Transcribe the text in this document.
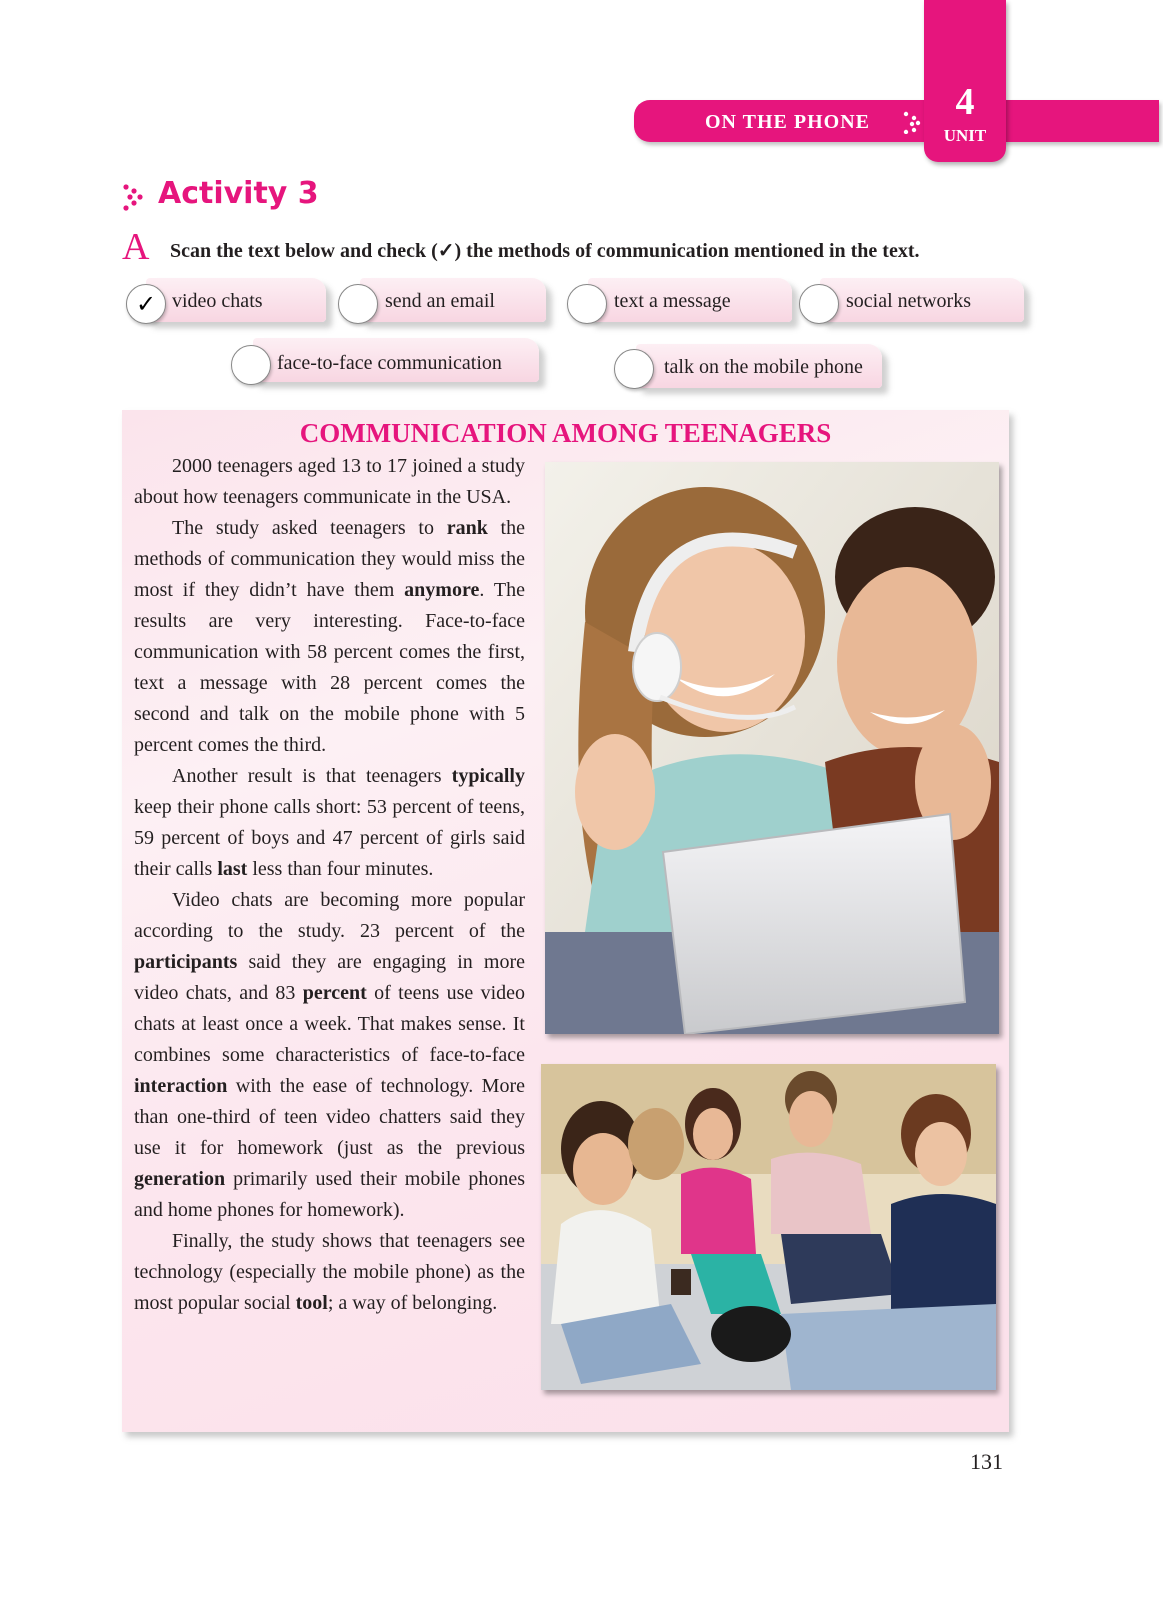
ON THE PHONE	4
UNIT
Activity 3
A Scan the text below and check (✓) the methods of communication mentioned in the text.
✓ video chats	send an email	text a message	social networks
face-to-face communication	talk on the mobile phone
COMMUNICATION AMONG TEENAGERS

2000 teenagers aged 13 to 17 joined a study about how teenagers communicate in the USA.

The study asked teenagers to rank the methods of communication they would miss the most if they didn’t have them anymore. The results are very interesting. Face-to-face communication with 58 percent comes the first, text a message with 28 percent comes the second and talk on the mobile phone with 5 percent comes the third.

Another result is that teenagers typically keep their phone calls short: 53 percent of teens, 59 percent of boys and 47 percent of girls said their calls last less than four minutes.

Video chats are becoming more popular according to the study. 23 percent of the participants said they are engaging in more video chats, and 83 percent of teens use video chats at least once a week. That makes sense. It combines some characteristics of face-to-face interaction with the ease of technology. More than one-third of teen video chatters said they use it for homework (just as the previous generation primarily used their mobile phones and home phones for homework).

Finally, the study shows that teenagers see technology (especially the mobile phone) as the most popular social tool; a way of belonging.

131
